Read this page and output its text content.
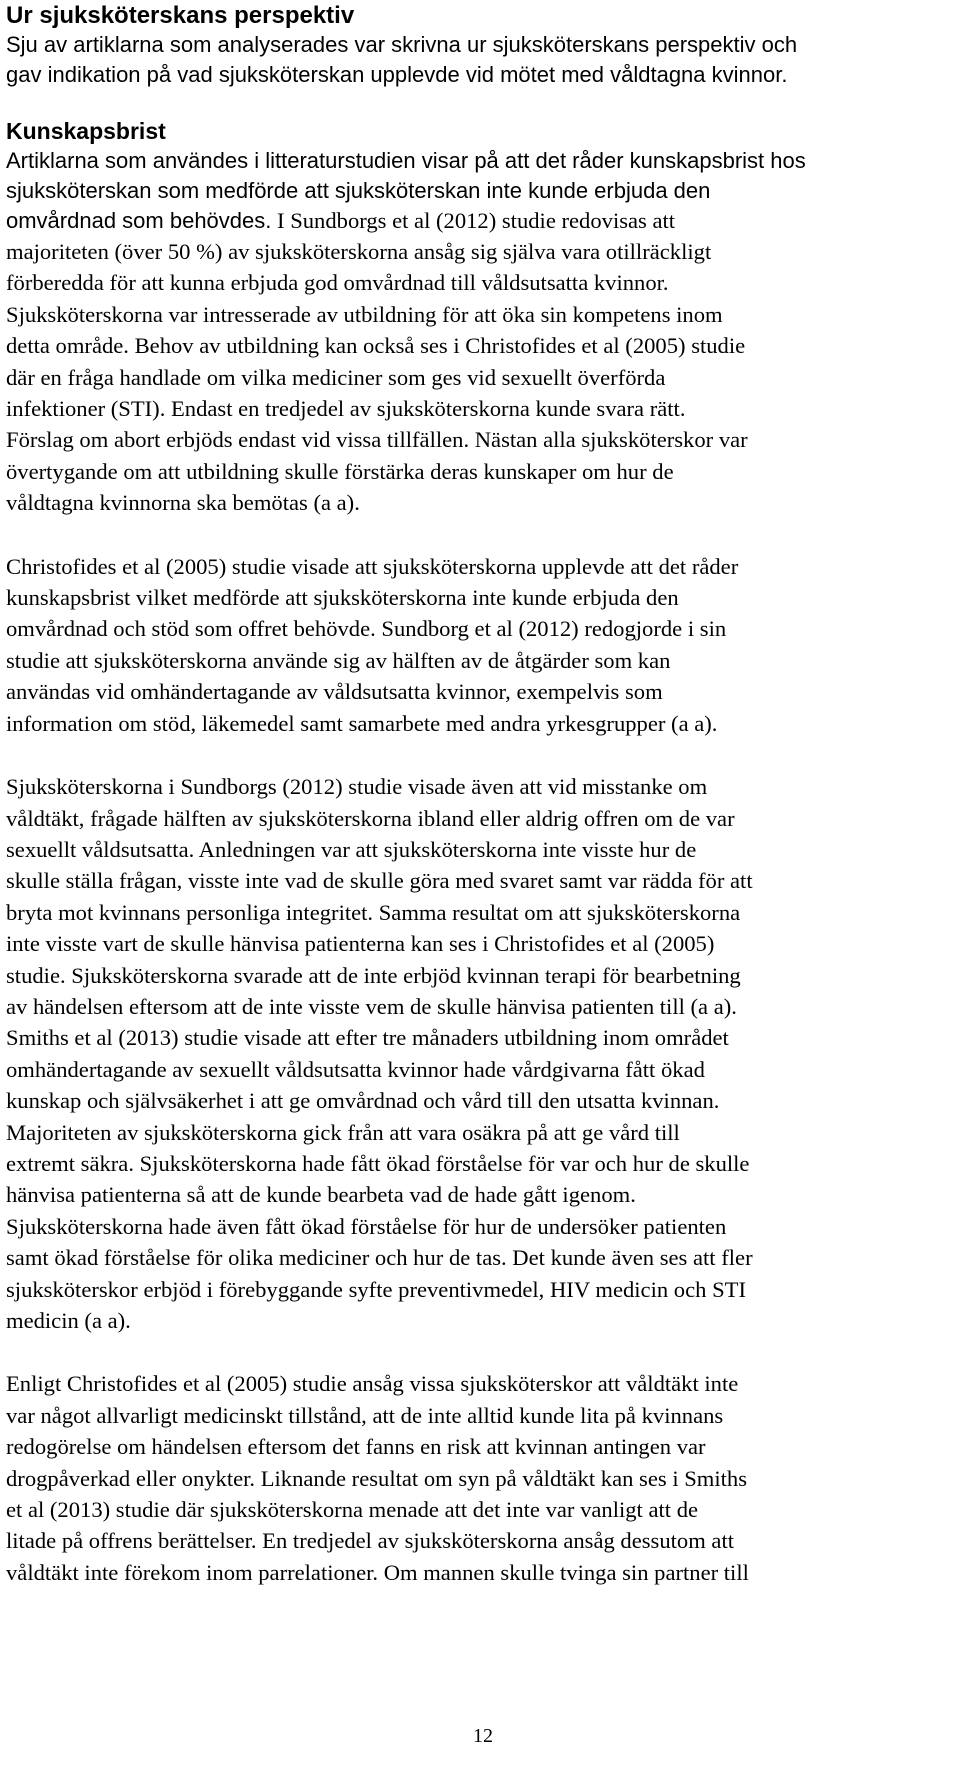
Ur sjuksköterskans perspektiv

Sju av artiklarna som analyserades var skrivna ur sjuksköterskans perspektiv och

gav indikation på vad sjuksköterskan upplevde vid mötet med våldtagna kvinnor.

Kunskapsbrist

Artiklarna som användes i litteraturstudien visar på att det råder kunskapsbrist hos

sjuksköterskan som medförde att sjuksköterskan inte kunde erbjuda den

omvårdnad som behövdes. I Sundborgs et al (2012) studie redovisas att

majoriteten (över 50 %) av sjuksköterskorna ansåg sig själva vara otillräckligt

förberedda för att kunna erbjuda god omvårdnad till våldsutsatta kvinnor.

Sjuksköterskorna var intresserade av utbildning för att öka sin kompetens inom

detta område. Behov av utbildning kan också ses i Christofides et al (2005) studie

där en fråga handlade om vilka mediciner som ges vid sexuellt överförda

infektioner (STI). Endast en tredjedel av sjuksköterskorna kunde svara rätt.

Förslag om abort erbjöds endast vid vissa tillfällen. Nästan alla sjuksköterskor var

övertygande om att utbildning skulle förstärka deras kunskaper om hur de

våldtagna kvinnorna ska bemötas (a a).

Christofides et al (2005) studie visade att sjuksköterskorna upplevde att det råder

kunskapsbrist vilket medförde att sjuksköterskorna inte kunde erbjuda den

omvårdnad och stöd som offret behövde. Sundborg et al (2012) redogjorde i sin

studie att sjuksköterskorna använde sig av hälften av de åtgärder som kan

användas vid omhändertagande av våldsutsatta kvinnor, exempelvis som

information om stöd, läkemedel samt samarbete med andra yrkesgrupper (a a).

Sjuksköterskorna i Sundborgs (2012) studie visade även att vid misstanke om

våldtäkt, frågade hälften av sjuksköterskorna ibland eller aldrig offren om de var

sexuellt våldsutsatta. Anledningen var att sjuksköterskorna inte visste hur de

skulle ställa frågan, visste inte vad de skulle göra med svaret samt var rädda för att

bryta mot kvinnans personliga integritet. Samma resultat om att sjuksköterskorna

inte visste vart de skulle hänvisa patienterna kan ses i Christofides et al (2005)

studie. Sjuksköterskorna svarade att de inte erbjöd kvinnan terapi för bearbetning

av händelsen eftersom att de inte visste vem de skulle hänvisa patienten till (a a).

Smiths et al (2013) studie visade att efter tre månaders utbildning inom området

omhändertagande av sexuellt våldsutsatta kvinnor hade vårdgivarna fått ökad

kunskap och självsäkerhet i att ge omvårdnad och vård till den utsatta kvinnan.

Majoriteten av sjuksköterskorna gick från att vara osäkra på att ge vård till

extremt säkra. Sjuksköterskorna hade fått ökad förståelse för var och hur de skulle

hänvisa patienterna så att de kunde bearbeta vad de hade gått igenom.

Sjuksköterskorna hade även fått ökad förståelse för hur de undersöker patienten

samt ökad förståelse för olika mediciner och hur de tas. Det kunde även ses att fler

sjuksköterskor erbjöd i förebyggande syfte preventivmedel, HIV medicin och STI

medicin (a a).

Enligt Christofides et al (2005) studie ansåg vissa sjuksköterskor att våldtäkt inte

var något allvarligt medicinskt tillstånd, att de inte alltid kunde lita på kvinnans

redogörelse om händelsen eftersom det fanns en risk att kvinnan antingen var

drogpåverkad eller onykter. Liknande resultat om syn på våldtäkt kan ses i Smiths

et al (2013) studie där sjuksköterskorna menade att det inte var vanligt att de

litade på offrens berättelser. En tredjedel av sjuksköterskorna ansåg dessutom att

våldtäkt inte förekom inom parrelationer. Om mannen skulle tvinga sin partner till

12
